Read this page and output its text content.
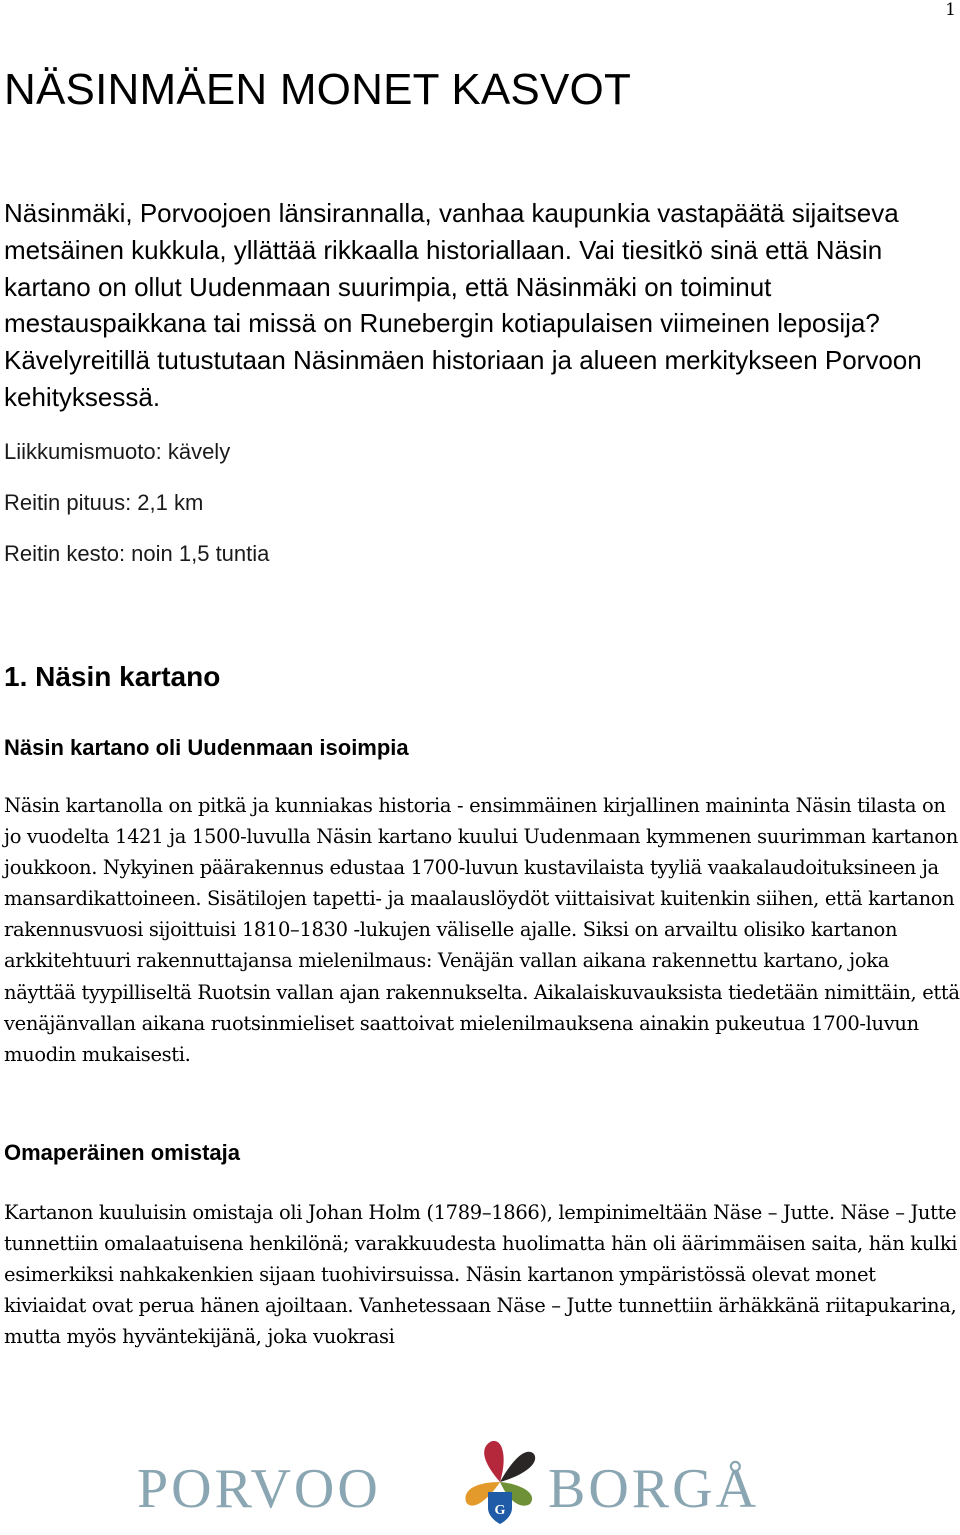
1
NÄSINMÄEN MONET KASVOT

Näsinmäki, Porvoojoen länsirannalla, vanhaa kaupunkia vastapäätä sijaitseva metsäinen kukkula, yllättää rikkaalla historiallaan. Vai tiesitkö sinä että Näsin kartano on ollut Uudenmaan suurimpia, että Näsinmäki on toiminut mestauspaikkana tai missä on Runebergin kotiapulaisen viimeinen leposija? Kävelyreitillä tutustutaan Näsinmäen historiaan ja alueen merkitykseen Porvoon kehityksessä.

Liikkumismuoto: kävely

Reitin pituus: 2,1 km

Reitin kesto: noin 1,5 tuntia

1. Näsin kartano
Näsin kartano oli Uudenmaan isoimpia

Näsin kartanolla on pitkä ja kunniakas historia - ensimmäinen kirjallinen maininta Näsin tilasta on jo vuodelta 1421 ja 1500-luvulla Näsin kartano kuului Uudenmaan kymmenen suurimman kartanon joukkoon. Nykyinen päärakennus edustaa 1700-luvun kustavilaista tyyliä vaakalaudoituksineen ja mansardikattoineen. Sisätilojen tapetti- ja maalauslöydöt viittaisivat kuitenkin siihen, että kartanon rakennusvuosi sijoittuisi 1810–1830 -lukujen väliselle ajalle. Siksi on arvailtu olisiko kartanon arkkitehtuuri rakennuttajansa mielenilmaus: Venäjän vallan aikana rakennettu kartano, joka näyttää tyypilliseltä Ruotsin vallan ajan rakennukselta. Aikalaiskuvauksista tiedetään nimittäin, että venäjänvallan aikana ruotsinmieliset saattoivat mielenilmauksena ainakin pukeutua 1700-luvun muodin mukaisesti.

Omaperäinen omistaja

Kartanon kuuluisin omistaja oli Johan Holm (1789–1866), lempinimeltään Näse – Jutte. Näse – Jutte tunnettiin omalaatuisena henkilönä; varakkuudesta huolimatta hän oli äärimmäisen saita, hän kulki esimerkiksi nahkakenkien sijaan tuohivirsuissa. Näsin kartanon ympäristössä olevat monet kiviaidat ovat perua hänen ajoiltaan. Vanhetessaan Näse – Jutte tunnettiin ärhäkkänä riitapukarina, mutta myös hyväntekijänä, joka vuokrasi

PORVOO	G BORGÅ
